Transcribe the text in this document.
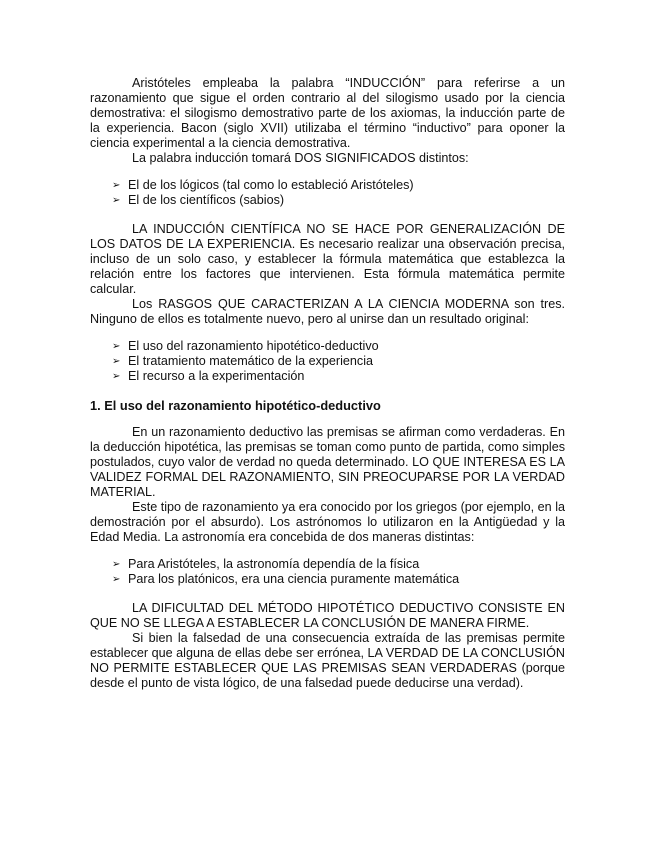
Aristóteles empleaba la palabra “INDUCCIÓN” para referirse a un razonamiento que sigue el orden contrario al del silogismo usado por la ciencia demostrativa: el silogismo demostrativo parte de los axiomas, la inducción parte de la experiencia. Bacon (siglo XVII) utilizaba el término “inductivo” para oponer la ciencia experimental a la ciencia demostrativa.

La palabra inducción tomará DOS SIGNIFICADOS distintos:

➢ El de los lógicos (tal como lo estableció Aristóteles)
➢ El de los científicos (sabios)

LA INDUCCIÓN CIENTÍFICA NO SE HACE POR GENERALIZACIÓN DE LOS DATOS DE LA EXPERIENCIA. Es necesario realizar una observación precisa, incluso de un solo caso, y establecer la fórmula matemática que establezca la relación entre los factores que intervienen. Esta fórmula matemática permite calcular.

Los RASGOS QUE CARACTERIZAN A LA CIENCIA MODERNA son tres. Ninguno de ellos es totalmente nuevo, pero al unirse dan un resultado original:

➢ El uso del razonamiento hipotético-deductivo
➢ El tratamiento matemático de la experiencia
➢ El recurso a la experimentación
1. El uso del razonamiento hipotético-deductivo

En un razonamiento deductivo las premisas se afirman como verdaderas. En la deducción hipotética, las premisas se toman como punto de partida, como simples postulados, cuyo valor de verdad no queda determinado. LO QUE INTERESA ES LA VALIDEZ FORMAL DEL RAZONAMIENTO, SIN PREOCUPARSE POR LA VERDAD MATERIAL.

Este tipo de razonamiento ya era conocido por los griegos (por ejemplo, en la demostración por el absurdo). Los astrónomos lo utilizaron en la Antigüedad y la Edad Media. La astronomía era concebida de dos maneras distintas:

➢ Para Aristóteles, la astronomía dependía de la física
➢ Para los platónicos, era una ciencia puramente matemática

LA DIFICULTAD DEL MÉTODO HIPOTÉTICO DEDUCTIVO CONSISTE EN QUE NO SE LLEGA A ESTABLECER LA CONCLUSIÓN DE MANERA FIRME.

Si bien la falsedad de una consecuencia extraída de las premisas permite establecer que alguna de ellas debe ser errónea, LA VERDAD DE LA CONCLUSIÓN NO PERMITE ESTABLECER QUE LAS PREMISAS SEAN VERDADERAS (porque desde el punto de vista lógico, de una falsedad puede deducirse una verdad).
